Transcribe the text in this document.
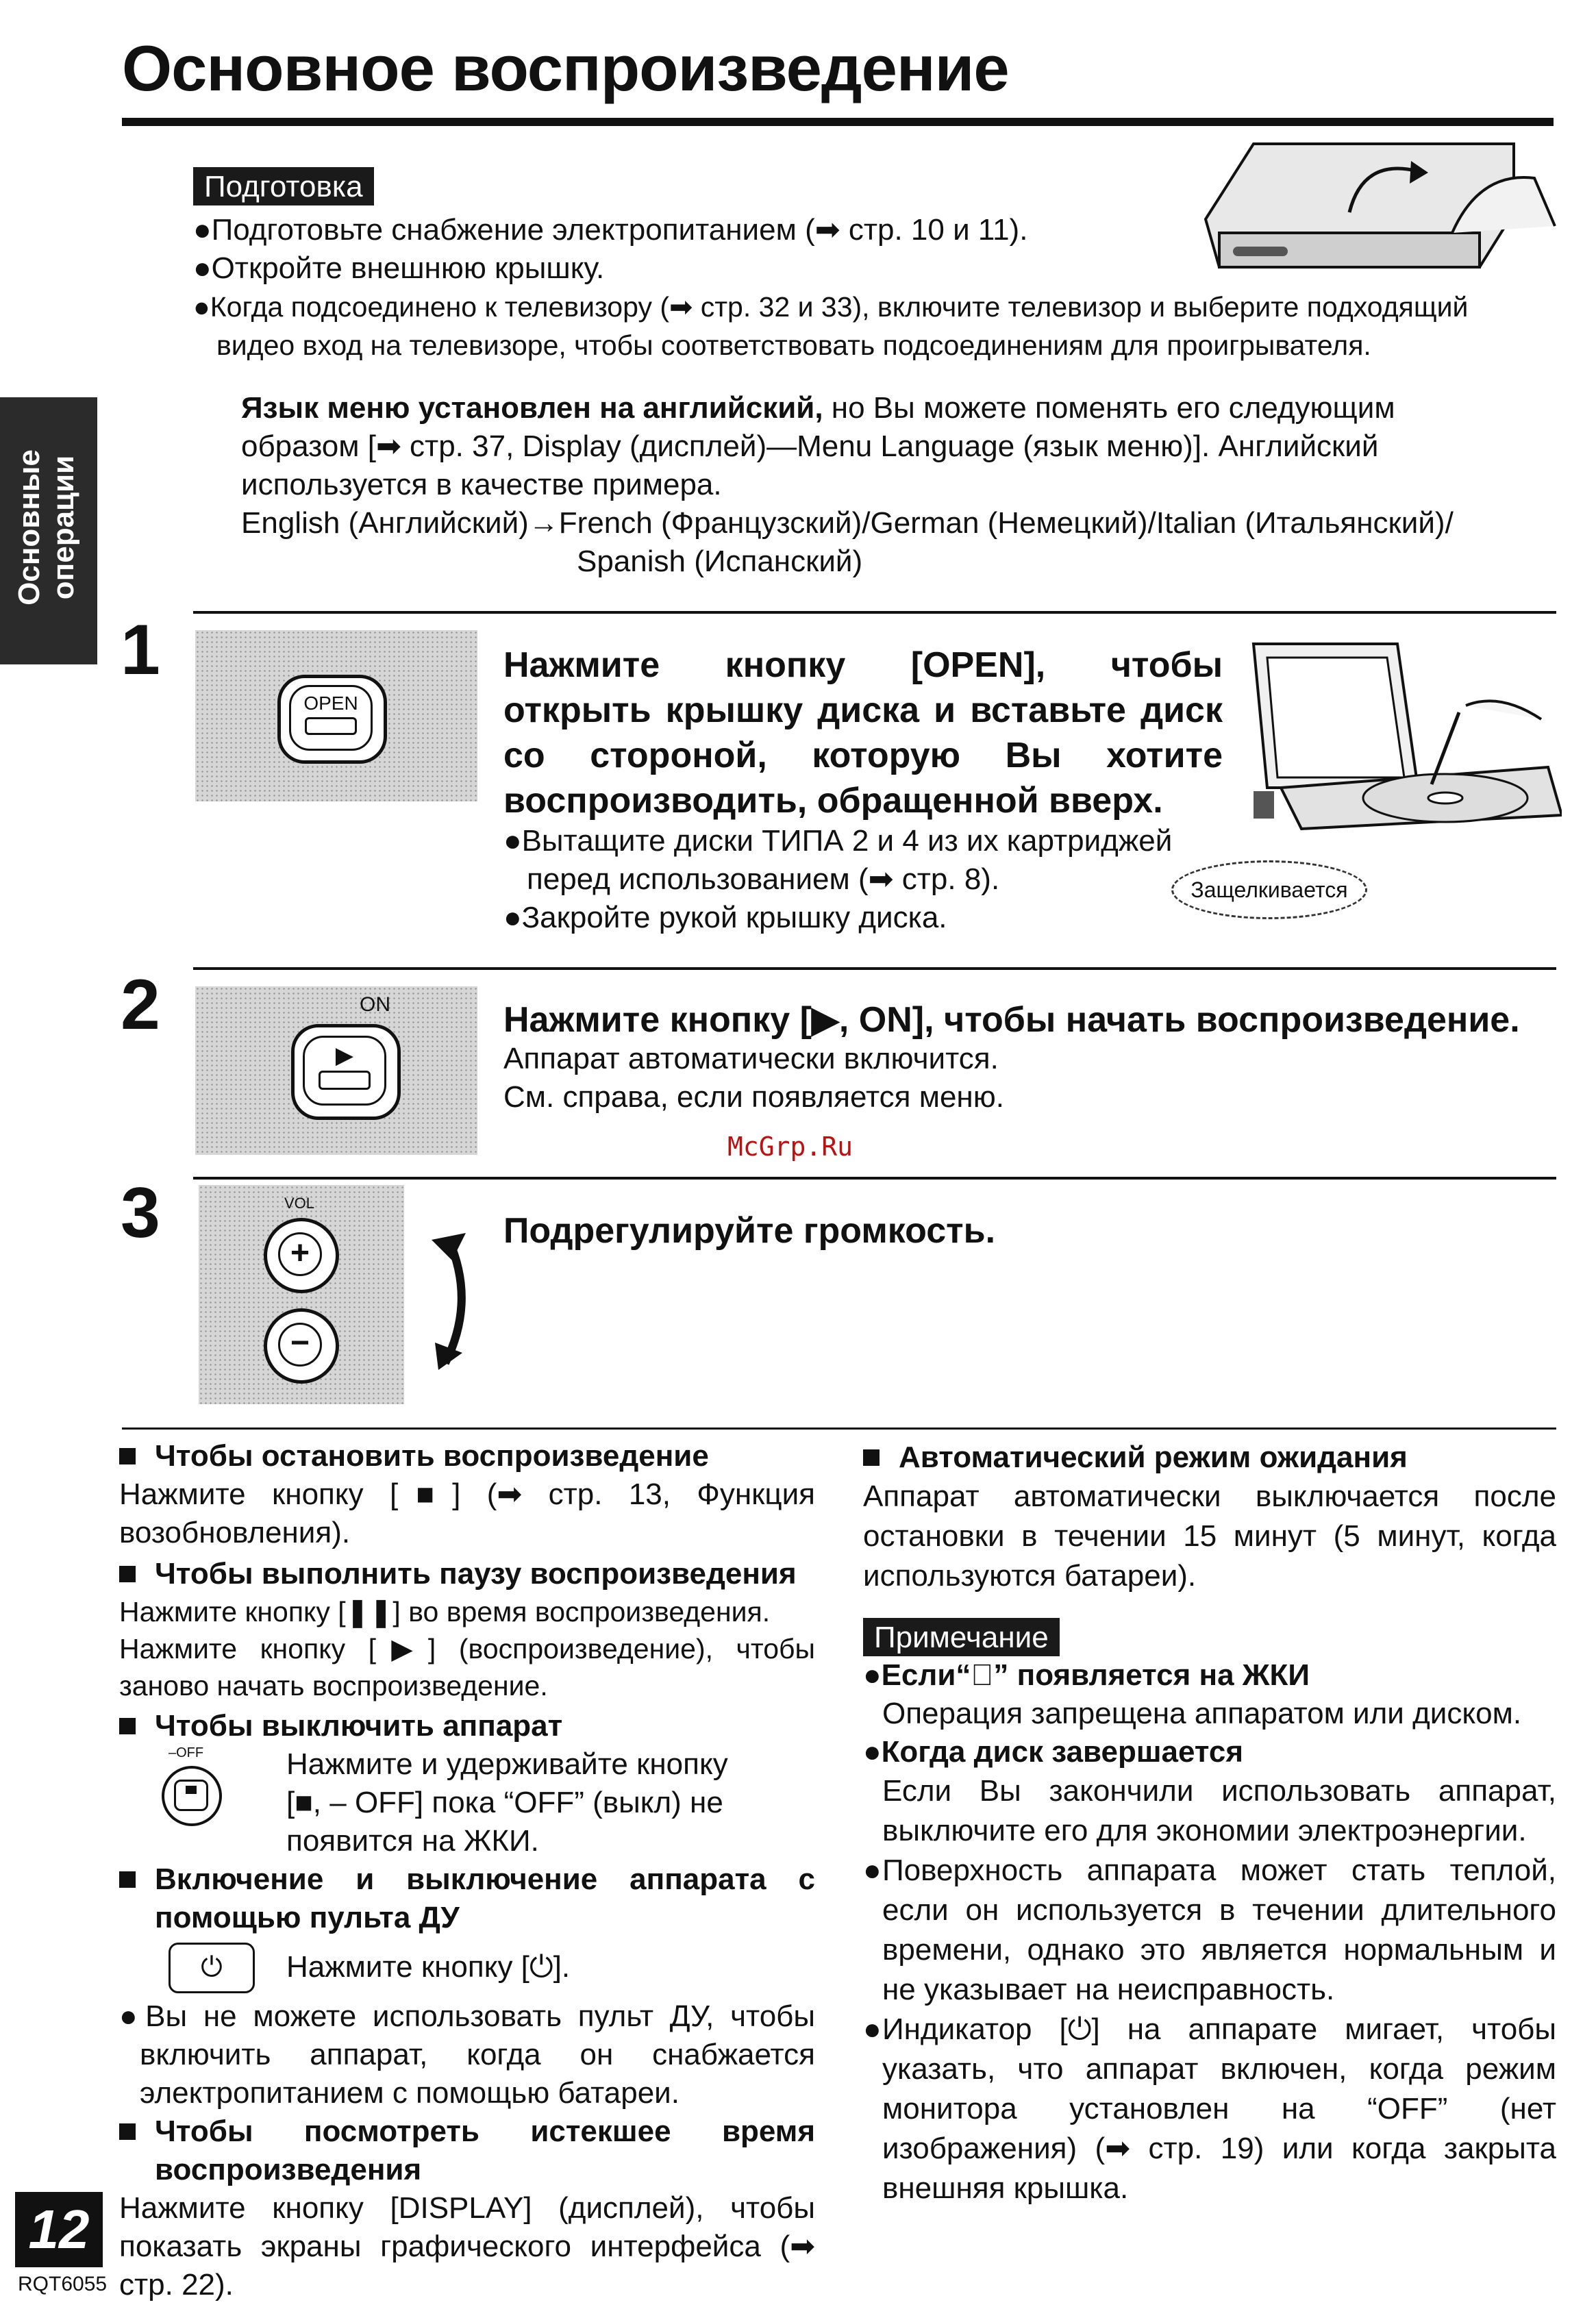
Основное воспроизведение
Основные операции
Подготовка
●Подготовьте снабжение электропитанием (➡ стр. 10 и 11).
●Откройте внешнюю крышку.
●Когда подсоединено к телевизору (➡ стр. 32 и 33), включите телевизор и выберите подходящий
видео вход на телевизоре, чтобы соответствовать подсоединениям для проигрывателя.
Язык меню установлен на английский, но Вы можете поменять его следующим
образом [➡ стр. 37, Display (дисплей)—Menu Language (язык меню)]. Английский
используется в качестве примера.
English (Английский)→French (Французский)/German (Немецкий)/Italian (Итальянский)/
Spanish (Испанский)
1
OPEN
Нажмите кнопку [OPEN], чтобы
открыть крышку диска и вставьте диск
со стороной, которую Вы хотите
воспроизводить, обращенной вверх.
●Вытащите диски ТИПА 2 и 4 из их картриджей
перед использованием (➡ стр. 8).
●Закройте рукой крышку диска.
Защелкивается
2	ON
▶
Нажмите кнопку [▶, ON], чтобы начать воспроизведение.
Аппарат автоматически включится.
См. справа, если появляется меню.
McGrp.Ru
3	VOL
+
−
Подрегулируйте громкость.
Чтобы остановить воспроизведение
Нажмите кнопку [■] (➡ стр. 13, Функция возобновления).
Чтобы выполнить паузу воспроизведения
Нажмите кнопку [❚❚] во время воспроизведения.
Нажмите кнопку [▶] (воспроизведение), чтобы заново начать воспроизведение.
Чтобы выключить аппарат
–OFF	Нажмите и удерживайте кнопку
[■, – OFF] пока “OFF” (выкл) не
появится на ЖКИ.
Включение и выключение аппарата с помощью пульта ДУ
⏻	Нажмите кнопку [⏻].
●Вы не можете использовать пульт ДУ, чтобы включить аппарат, когда он снабжается электропитанием с помощью батареи.
Чтобы посмотреть истекшее время воспроизведения
Нажмите кнопку [DISPLAY] (дисплей), чтобы показать экраны графического интерфейса (➡ стр. 22).
Автоматический режим ожидания
Аппарат автоматически выключается после остановки в течении 15 минут (5 минут, когда используются батареи).
Примечание
●Если“⃠” появляется на ЖКИ
Операция запрещена аппаратом или диском.
●Когда диск завершается
Если Вы закончили использовать аппарат, выключите его для экономии электроэнергии.
● Поверхность аппарата может стать теплой, если он используется в течении длительного времени, однако это является нормальным и не указывает на неисправность.
● Индикатор [⏻] на аппарате мигает, чтобы указать, что аппарат включен, когда режим монитора установлен на “OFF” (нет изображения) (➡ стр. 19) или когда закрыта внешняя крышка.
12
RQT6055
